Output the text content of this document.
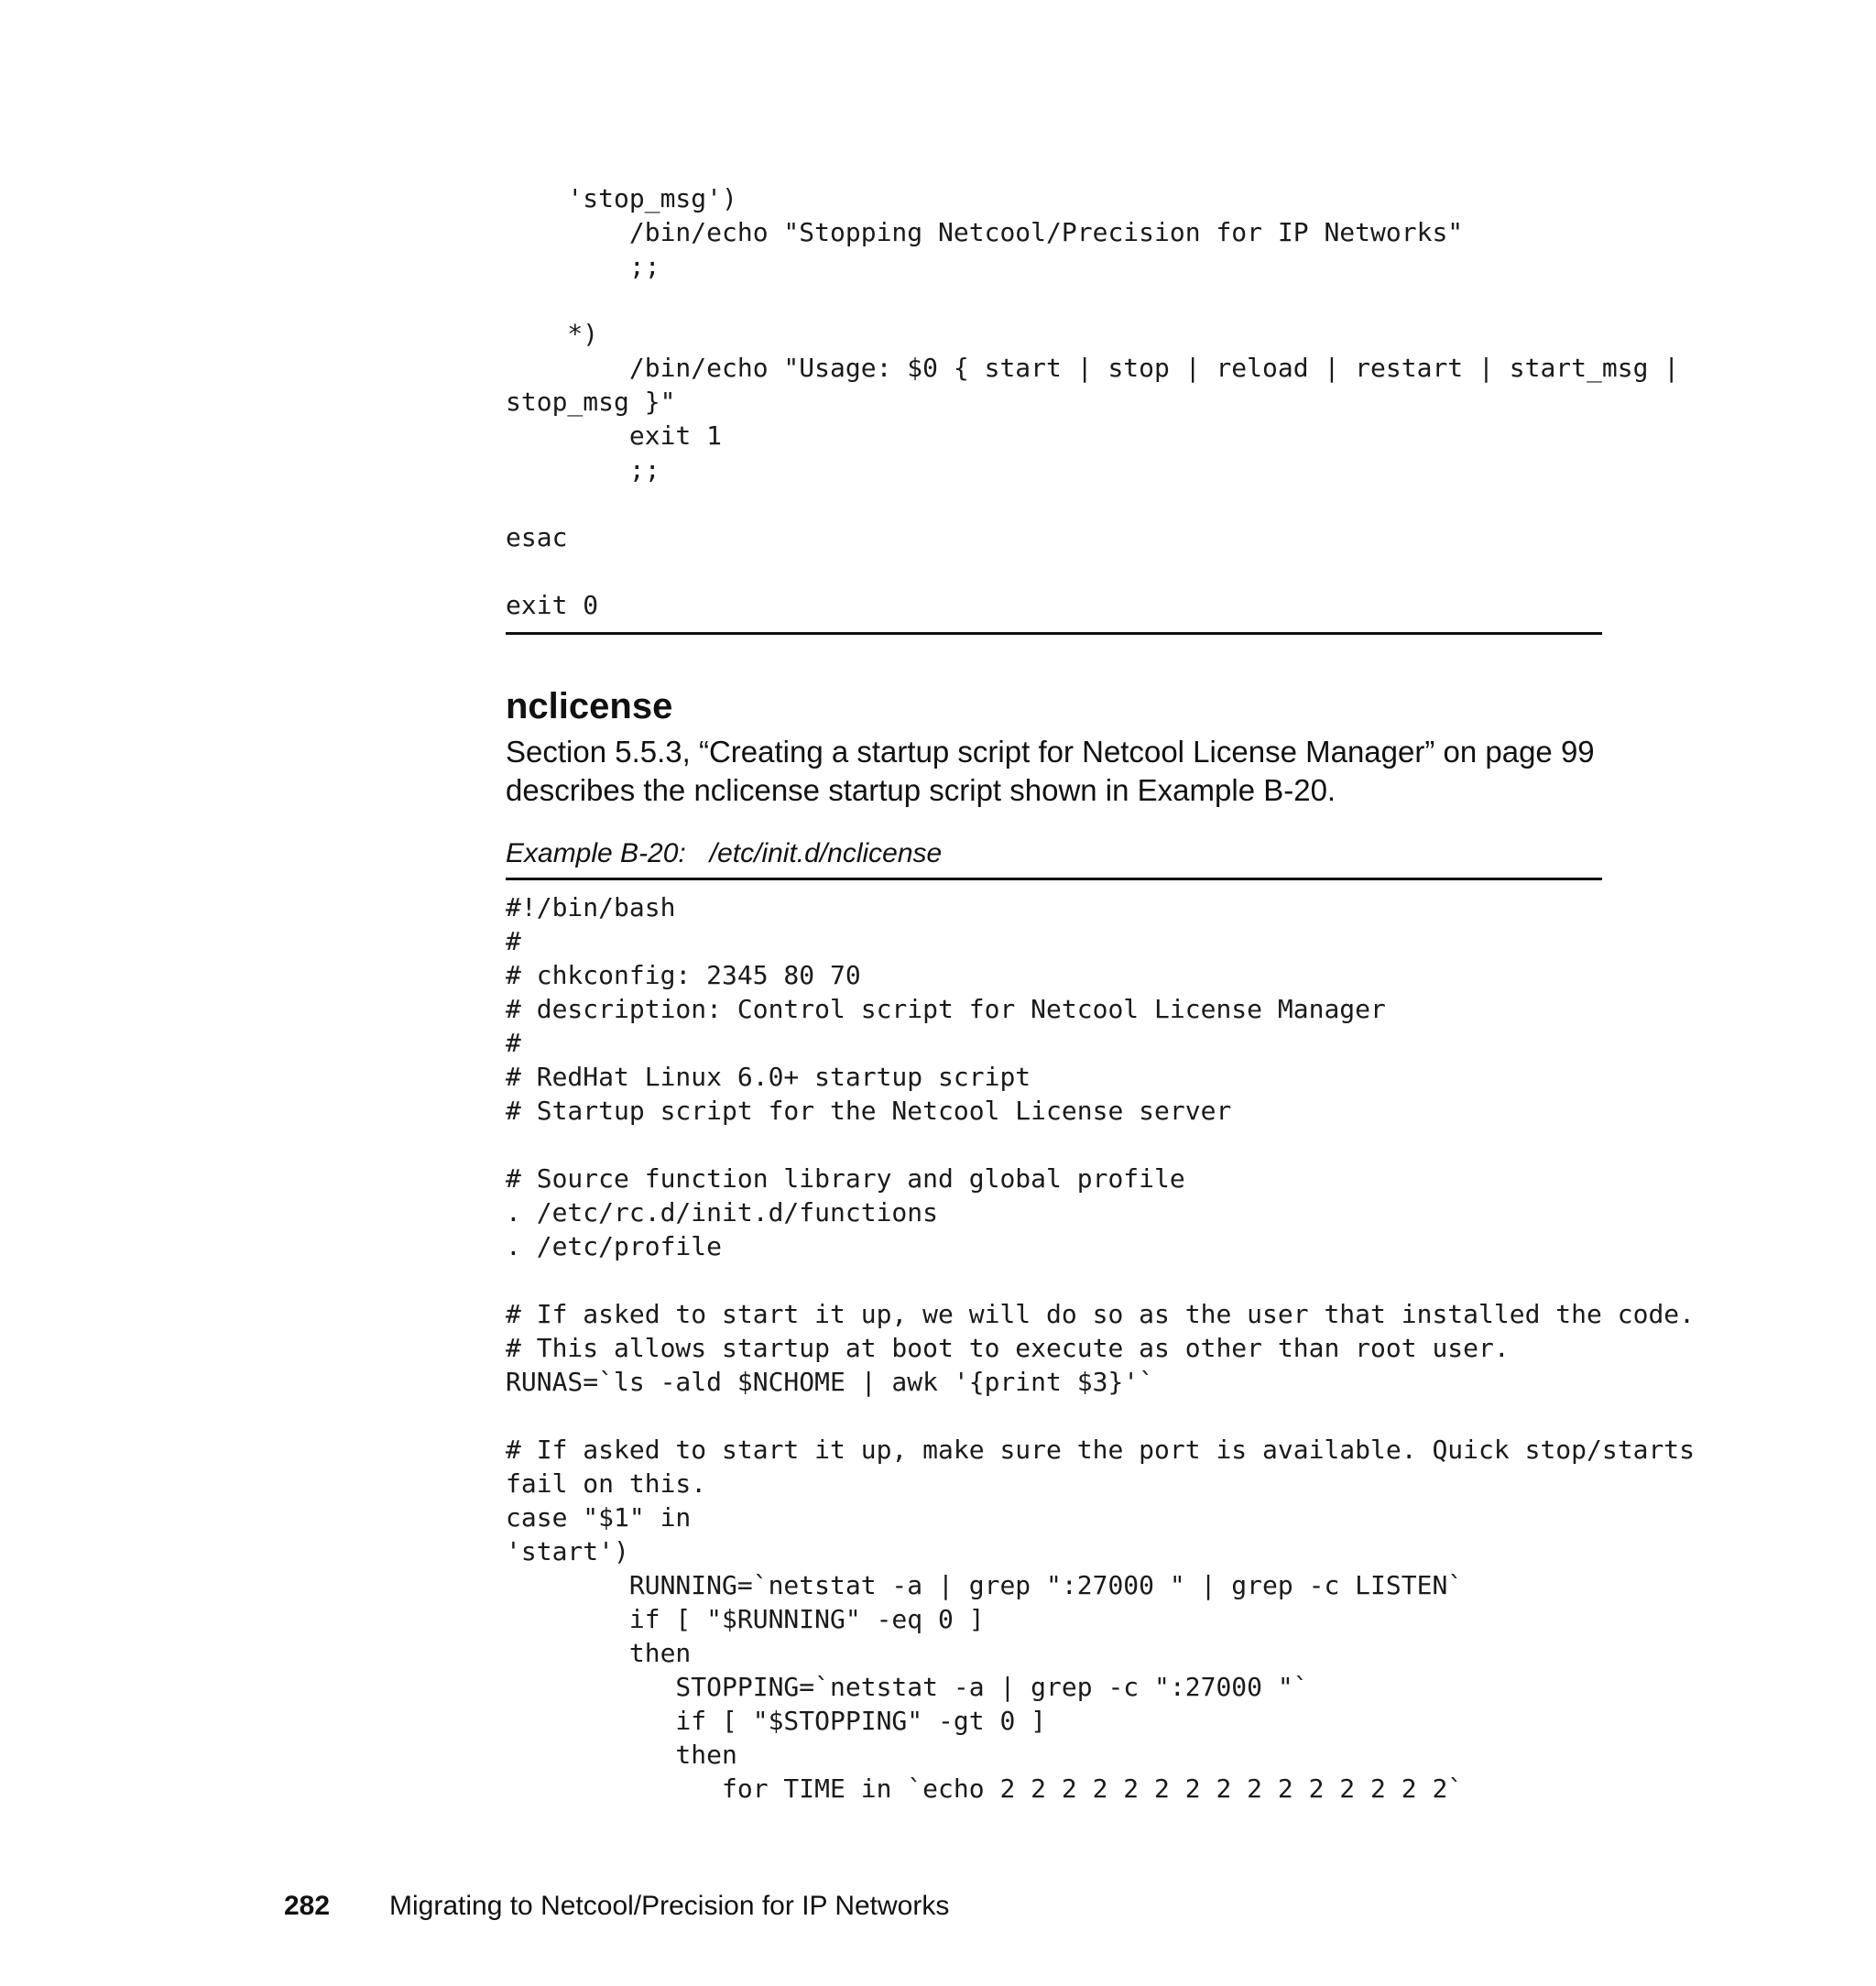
'stop_msg')
/bin/echo "Stopping Netcool/Precision for IP Networks"
;;

*)
/bin/echo "Usage: $0 { start | stop | reload | restart | start_msg |
stop_msg }"
exit 1
;;

esac

exit 0
nclicense

Section 5.5.3, “Creating a startup script for Netcool License Manager” on page 99 describes the nclicense startup script shown in Example B-20.

Example B-20: /etc/init.d/nclicense

#!/bin/bash
#
# chkconfig: 2345 80 70
# description: Control script for Netcool License Manager
#
# RedHat Linux 6.0+ startup script
# Startup script for the Netcool License server

# Source function library and global profile
. /etc/rc.d/init.d/functions
. /etc/profile

# If asked to start it up, we will do so as the user that installed the code.
# This allows startup at boot to execute as other than root user.
RUNAS=`ls -ald $NCHOME | awk '{print $3}'`

# If asked to start it up, make sure the port is available. Quick stop/starts
fail on this.
case "$1" in
'start')
RUNNING=`netstat -a | grep ":27000 " | grep -c LISTEN`
if [ "$RUNNING" -eq 0 ]
then
STOPPING=`netstat -a | grep -c ":27000 "`
if [ "$STOPPING" -gt 0 ]
then
for TIME in `echo 2 2 2 2 2 2 2 2 2 2 2 2 2 2 2`
282 Migrating to Netcool/Precision for IP Networks
